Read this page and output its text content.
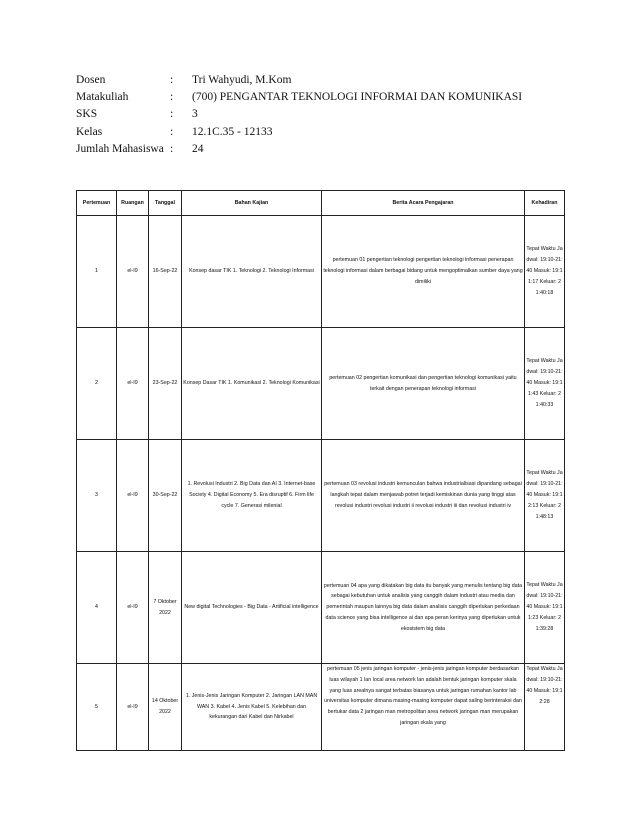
Dosen	:	Tri Wahyudi, M.Kom
Matakuliah	:	(700) PENGANTAR TEKNOLOGI INFORMAI DAN KOMUNIKASI
SKS	:	3
Kelas	:	12.1C.35 - 12133
Jumlah Mahasiswa :	24
Pertemuan	Ruangan	Tanggal	Bahan Kajian	Berita Acara Pengajaran	Kehadiran
1	el-I9	16-Sep-22	Konsep dasar TIK 1. Teknologi 2. Teknologi Informasi	pertemuan 01 pengertian teknologi pengertian teknologi informasi penerapan teknologi informasi dalam berbagai bidang untuk mengoptimalkan sumber daya yang dimiliki	Tepat Waktu Jadwal: 19:10-21:40 Masuk: 19:11:17 Keluar: 21:40:18
2	el-I9	23-Sep-22	Konsep Dasar TIK 1. Komunikasi 2. Teknologi Komunikasi	pertemuan 02 pengertian komunikasi dan pengertian teknologi komunikasi yaitu terkait dengan penerapan teknologi informasi	Tepat Waktu Jadwal: 19:10-21:40 Masuk: 19:11:43 Keluar: 21:40:33
3	el-I9	30-Sep-22	1. Revolusi Industri 2. Big Data dan AI 3. Internet-base Society 4. Digital Economy 5. Era disruptif 6. Firm life cycle 7. Generasi milenial	pertemuan 03 revolusi industri kemunculan bahwa industrialisasi dipandang sebagai langkah tepat dalam menjawab potret terjadi kemiskinan dunia yang tinggi atas revolusi industri revolusi industri ii revolusi industri iii dan revolusi industri iv	Tepat Waktu Jadwal: 19:10-21:40 Masuk: 19:12:13 Keluar: 21:48:13
4	el-I9	7 Oktober 2022	New digital Technologies - Big Data - Artificial intelligence	pertemuan 04 apa yang dikatakan big data itu banyak yang menulis tentang big data sebagai kebutuhan untuk analisis yang canggih dalam industri atau media dan pemerintah maupun lainnya big data dalam analisis canggih diperlukan perkedaan data science yang bisa intelligence ai dan apa peran kerinya yang diperlukan untuk ekosistem big data	Tepat Waktu Jadwal: 19:10-21:40 Masuk: 19:11:23 Keluar: 21:39:28
5	el-I9	14 Oktober 2022	1. Jenis-Jenis Jaringan Komputer 2. Jaringan LAN MAN WAN 3. Kabel 4. Jenis Kabel 5. Kelebihan dan kekurangan dari Kabel dan Nirkabel	pertemuan 05 jenis jaringan komputer - jenis-jenis jaringan komputer berdasarkan luas wilayah 1 lan local area network lan adalah bentuk jaringan komputer skala yang luas arealnya sangat terbatas biasanya untuk jaringan rumahan kantor lab universitas komputer dimana masing-masing komputer dapat saling berinteraksi dan bertukar data 2 jaringan man metropolitan area network jaringan man merupakan jaringan skala yang	Tepat Waktu Jadwal: 19:10-21:40 Masuk: 19:12:28
